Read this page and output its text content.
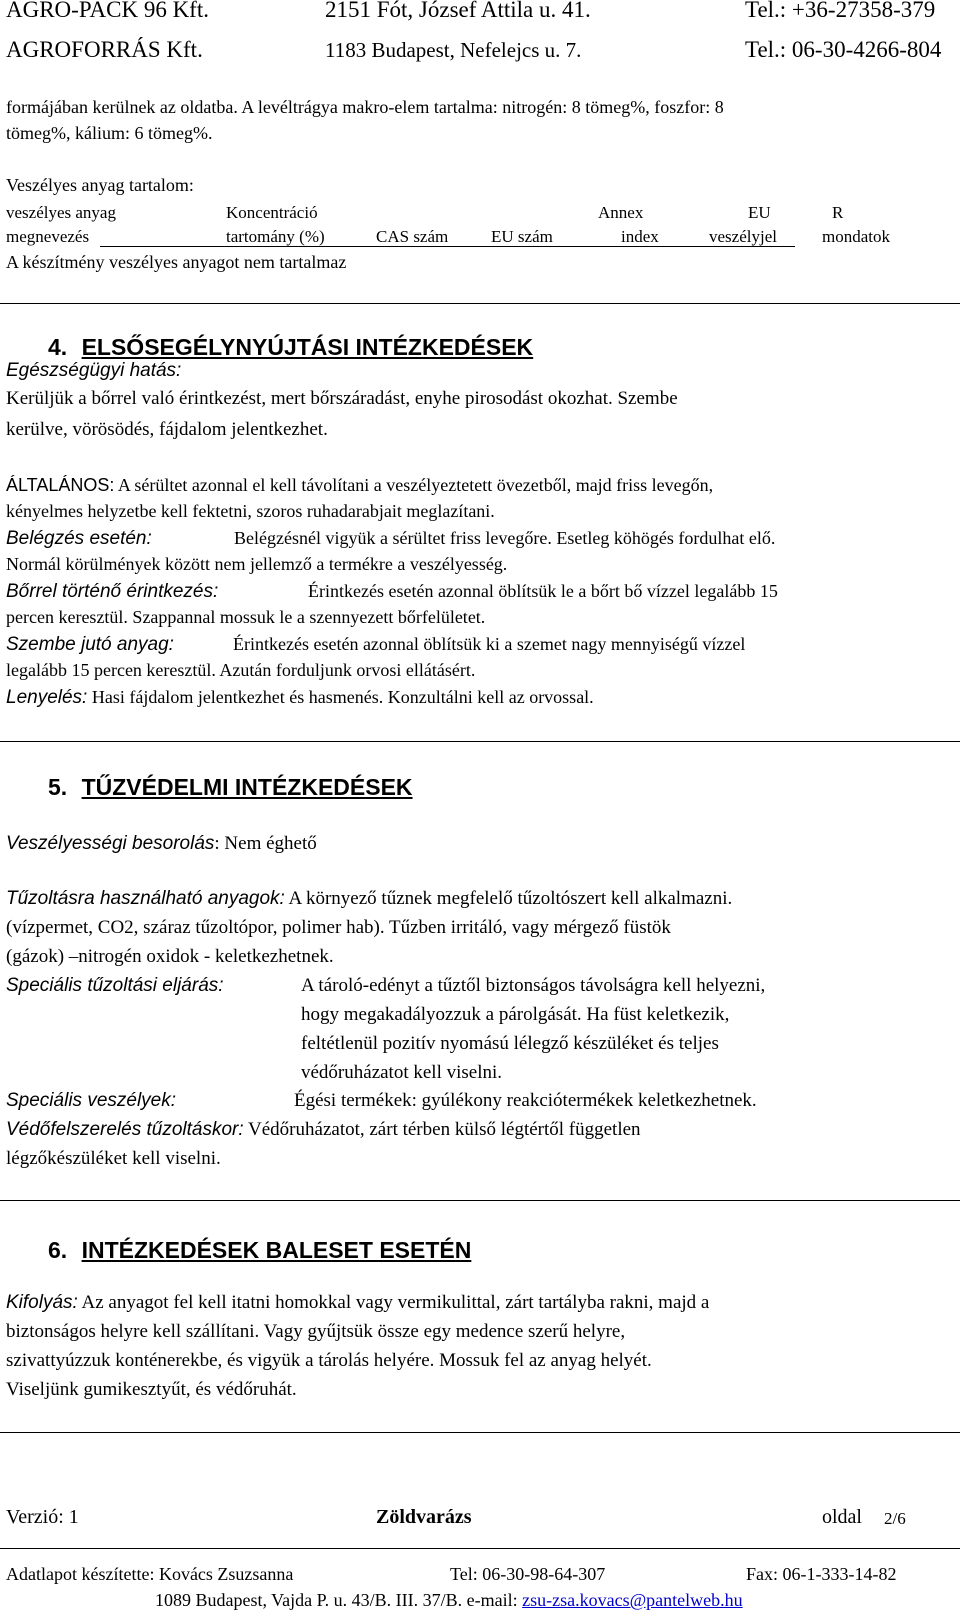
AGRO-PACK 96 Kft.	2151 Fót, József Attila u. 41.	Tel.: +36-27358-379
AGROFORRÁS Kft.	1183 Budapest, Nefelejcs u. 7.	Tel.: 06-30-4266-804
formájában kerülnek az oldatba. A levéltrágya makro-elem tartalma: nitrogén: 8 tömeg%, foszfor: 8
tömeg%, kálium: 6 tömeg%.
Veszélyes anyag tartalom:
veszélyes anyag	Koncentráció	Annex	EU	R
megnevezés	tartomány (%)	CAS szám	EU szám	index	veszélyjel	mondatok
A készítmény veszélyes anyagot nem tartalmaz
4. ELSŐSEGÉLYNYÚJTÁSI INTÉZKEDÉSEK
Egészségügyi hatás:
Kerüljük a bőrrel való érintkezést, mert bőrszáradást, enyhe pirosodást okozhat. Szembe
kerülve, vörösödés, fájdalom jelentkezhet.
ÁLTALÁNOS: A sérültet azonnal el kell távolítani a veszélyeztetett övezetből, majd friss levegőn,
kényelmes helyzetbe kell fektetni, szoros ruhadarabjait meglazítani.
Belégzés esetén:	Belégzésnél vigyük a sérültet friss levegőre. Esetleg köhögés fordulhat elő.
Normál körülmények között nem jellemző a termékre a veszélyesség.
Bőrrel történő érintkezés:	Érintkezés esetén azonnal öblítsük le a bőrt bő vízzel legalább 15
percen keresztül. Szappannal mossuk le a szennyezett bőrfelületet.
Szembe jutó anyag:	Érintkezés esetén azonnal öblítsük ki a szemet nagy mennyiségű vízzel
legalább 15 percen keresztül. Azután forduljunk orvosi ellátásért.
Lenyelés: Hasi fájdalom jelentkezhet és hasmenés. Konzultálni kell az orvossal.
5. TŰZVÉDELMI INTÉZKEDÉSEK
Veszélyességi besorolás: Nem éghető
Tűzoltásra használható anyagok: A környező tűznek megfelelő tűzoltószert kell alkalmazni.
(vízpermet, CO2, száraz tűzoltópor, polimer hab). Tűzben irritáló, vagy mérgező füstök
(gázok) –nitrogén oxidok - keletkezhetnek.
Speciális tűzoltási eljárás:	A tároló-edényt a tűztől biztonságos távolságra kell helyezni,
hogy megakadályozzuk a párolgását. Ha füst keletkezik,
feltétlenül pozitív nyomású lélegző készüléket és teljes
védőruházatot kell viselni.
Speciális veszélyek:	Égési termékek: gyúlékony reakciótermékek keletkezhetnek.
Védőfelszerelés tűzoltáskor: Védőruházatot, zárt térben külső légtértől független
légzőkészüléket kell viselni.
6. INTÉZKEDÉSEK BALESET ESETÉN
Kifolyás: Az anyagot fel kell itatni homokkal vagy vermikulittal, zárt tartályba rakni, majd a
biztonságos helyre kell szállítani. Vagy gyűjtsük össze egy medence szerű helyre,
szivattyúzzuk konténerekbe, és vigyük a tárolás helyére. Mossuk fel az anyag helyét.
Viseljünk gumikesztyűt, és védőruhát.
Verzió: 1	Zöldvarázs	oldal 2/6
Adatlapot készítette: Kovács Zsuzsanna	Tel: 06-30-98-64-307	Fax: 06-1-333-14-82
1089 Budapest, Vajda P. u. 43/B. III. 37/B. e-mail: zsu-zsa.kovacs@pantelweb.hu
